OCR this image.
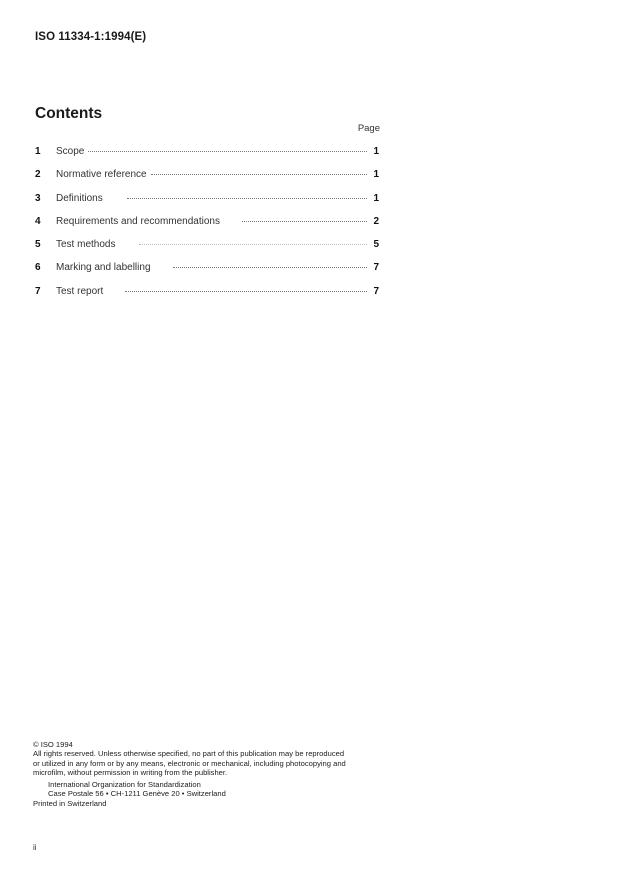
ISO 11334-1:1994(E)
Contents
Page
1	Scope	1
2	Normative reference	1
3	Definitions	1
4	Requirements and recommendations	2
5	Test methods	5
6	Marking and labelling	7
7	Test report	7
© ISO 1994
All rights reserved. Unless otherwise specified, no part of this publication may be reproduced
or utilized in any form or by any means, electronic or mechanical, including photocopying and
microfilm, without permission in writing from the publisher.
International Organization for Standardization
Case Postale 56 • CH-1211 Genève 20 • Switzerland
Printed in Switzerland
ii
